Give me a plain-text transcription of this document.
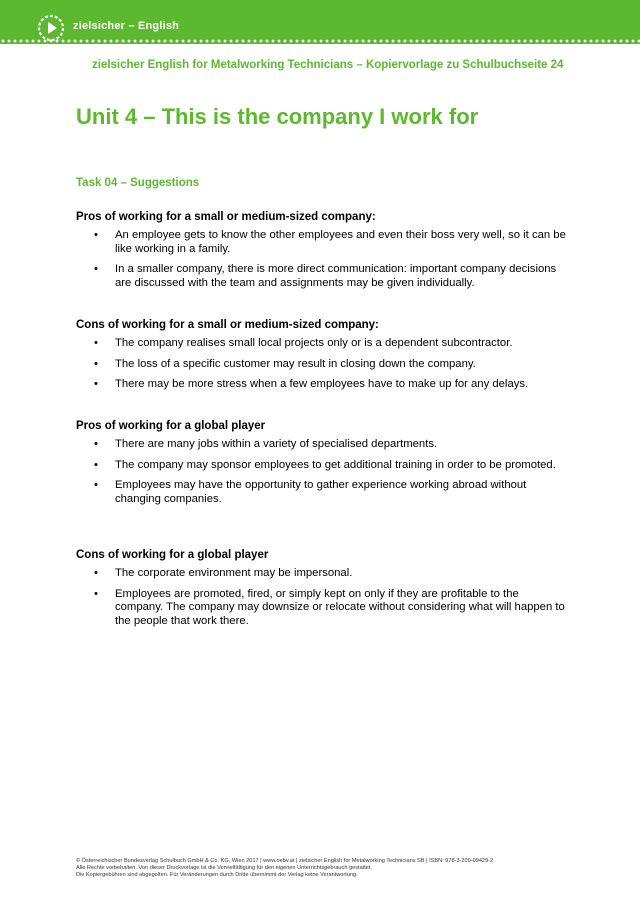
zielsicher – English
zielsicher English for Metalworking Technicians – Kopiervorlage zu Schulbuchseite 24
Unit 4 – This is the company I work for
Task 04 – Suggestions
Pros of working for a small or medium-sized company:
• An employee gets to know the other employees and even their boss very well, so it can be like working in a family.
• In a smaller company, there is more direct communication: important company decisions are discussed with the team and assignments may be given individually.
Cons of working for a small or medium-sized company:
• The company realises small local projects only or is a dependent subcontractor.
• The loss of a specific customer may result in closing down the company.
• There may be more stress when a few employees have to make up for any delays.
Pros of working for a global player
• There are many jobs within a variety of specialised departments.
• The company may sponsor employees to get additional training in order to be promoted.
• Employees may have the opportunity to gather experience working abroad without changing companies.
Cons of working for a global player
• The corporate environment may be impersonal.
• Employees are promoted, fired, or simply kept on only if they are profitable to the company. The company may downsize or relocate without considering what will happen to the people that work there.
© Österreichischer Bundesverlag Schulbuch GmbH & Co. KG, Wien 2017 | www.oebv.at | zielsicher English for Metalworking Technicians SB | ISBN: 978-3-209-09429-2
Alle Rechte vorbehalten. Von dieser Druckvorlage ist die Vervielfältigung für den eigenen Unterrichtsgebrauch gestattet.
Die Kopiergebühren sind abgegolten. Für Veränderungen durch Dritte übernimmt der Verlag keine Verantwortung.
